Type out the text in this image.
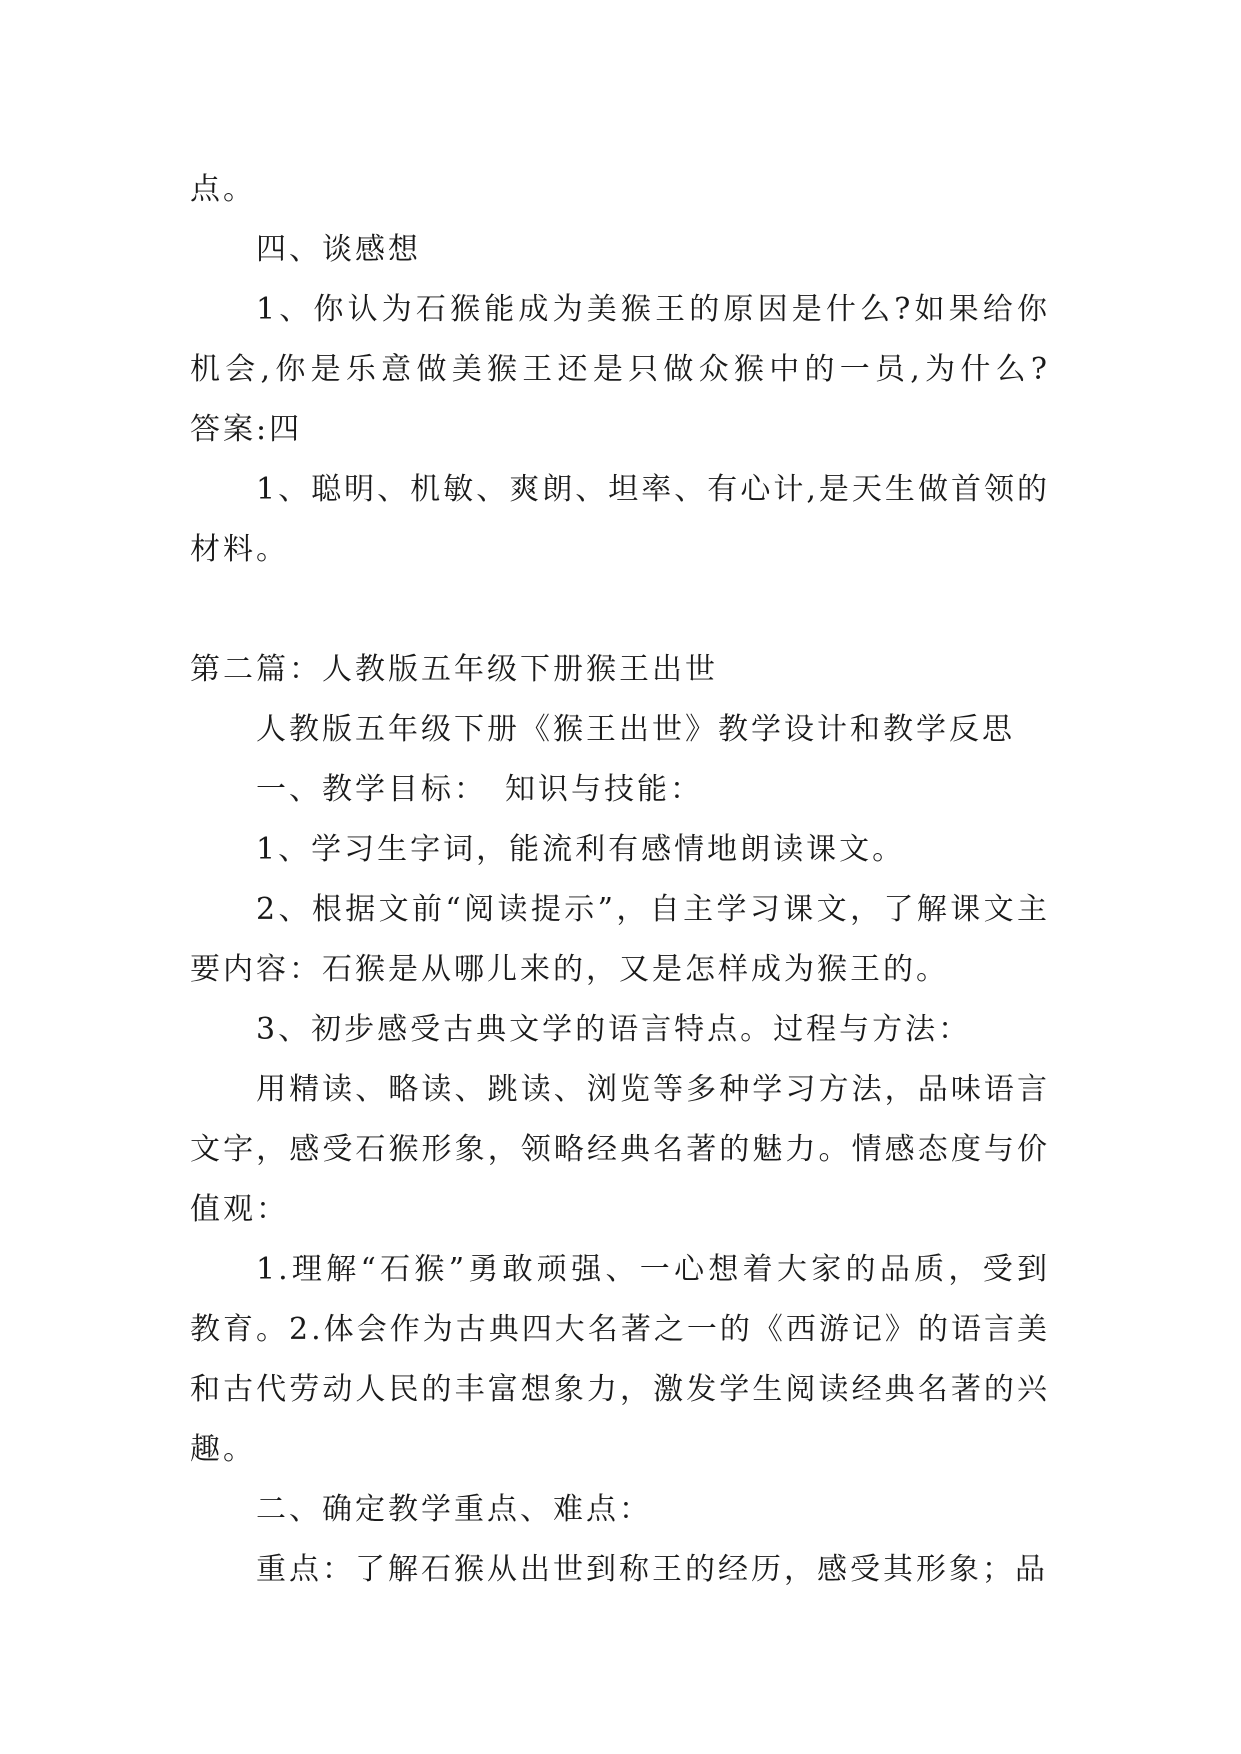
点。

四、谈感想

1、你认为石猴能成为美猴王的原因是什么?如果给你机会,你是乐意做美猴王还是只做众猴中的一员,为什么?　答案:四

1、聪明、机敏、爽朗、坦率、有心计,是天生做首领的材料。

第二篇：人教版五年级下册猴王出世

人教版五年级下册《猴王出世》教学设计和教学反思

一、教学目标：　知识与技能：

1、学习生字词，能流利有感情地朗读课文。

2、根据文前“阅读提示”，自主学习课文，了解课文主要内容：石猴是从哪儿来的，又是怎样成为猴王的。

3、初步感受古典文学的语言特点。过程与方法：

用精读、略读、跳读、浏览等多种学习方法，品味语言文字，感受石猴形象，领略经典名著的魅力。情感态度与价值观：

1.理解“石猴”勇敢顽强、一心想着大家的品质，受到教育。2.体会作为古典四大名著之一的《西游记》的语言美和古代劳动人民的丰富想象力，激发学生阅读经典名著的兴趣。

二、确定教学重点、难点：

重点：了解石猴从出世到称王的经历，感受其形象；品
